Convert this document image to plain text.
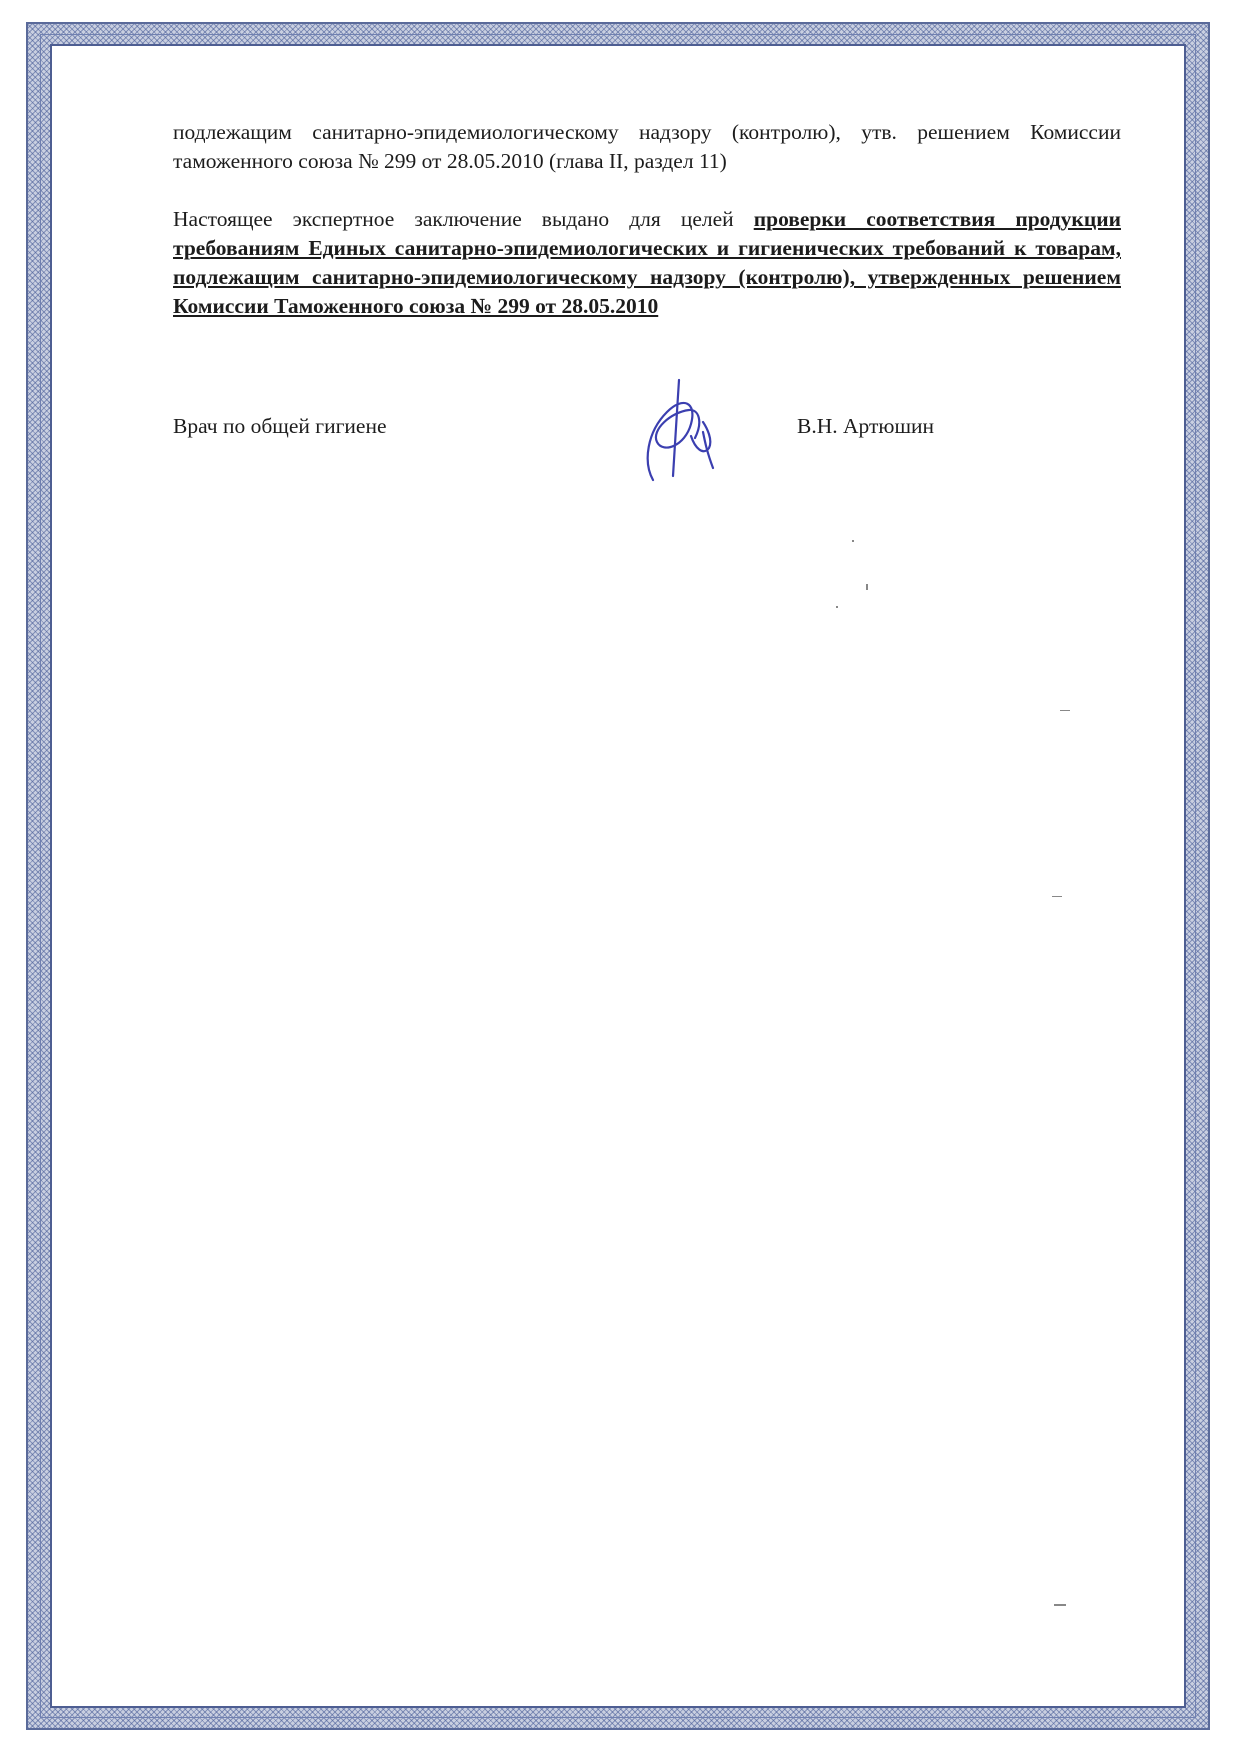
подлежащим санитарно-эпидемиологическому надзору (контролю), утв. решением Комиссии таможенного союза № 299 от 28.05.2010 (глава II, раздел 11)

Настоящее экспертное заключение выдано для целей проверки соответствия продукции требованиям Единых санитарно-эпидемиологических и гигиенических требований к товарам, подлежащим санитарно-эпидемиологическому надзору (контролю), утвержденных решением Комиссии Таможенного союза № 299 от 28.05.2010

Врач по общей гигиене	В.Н. Артюшин
